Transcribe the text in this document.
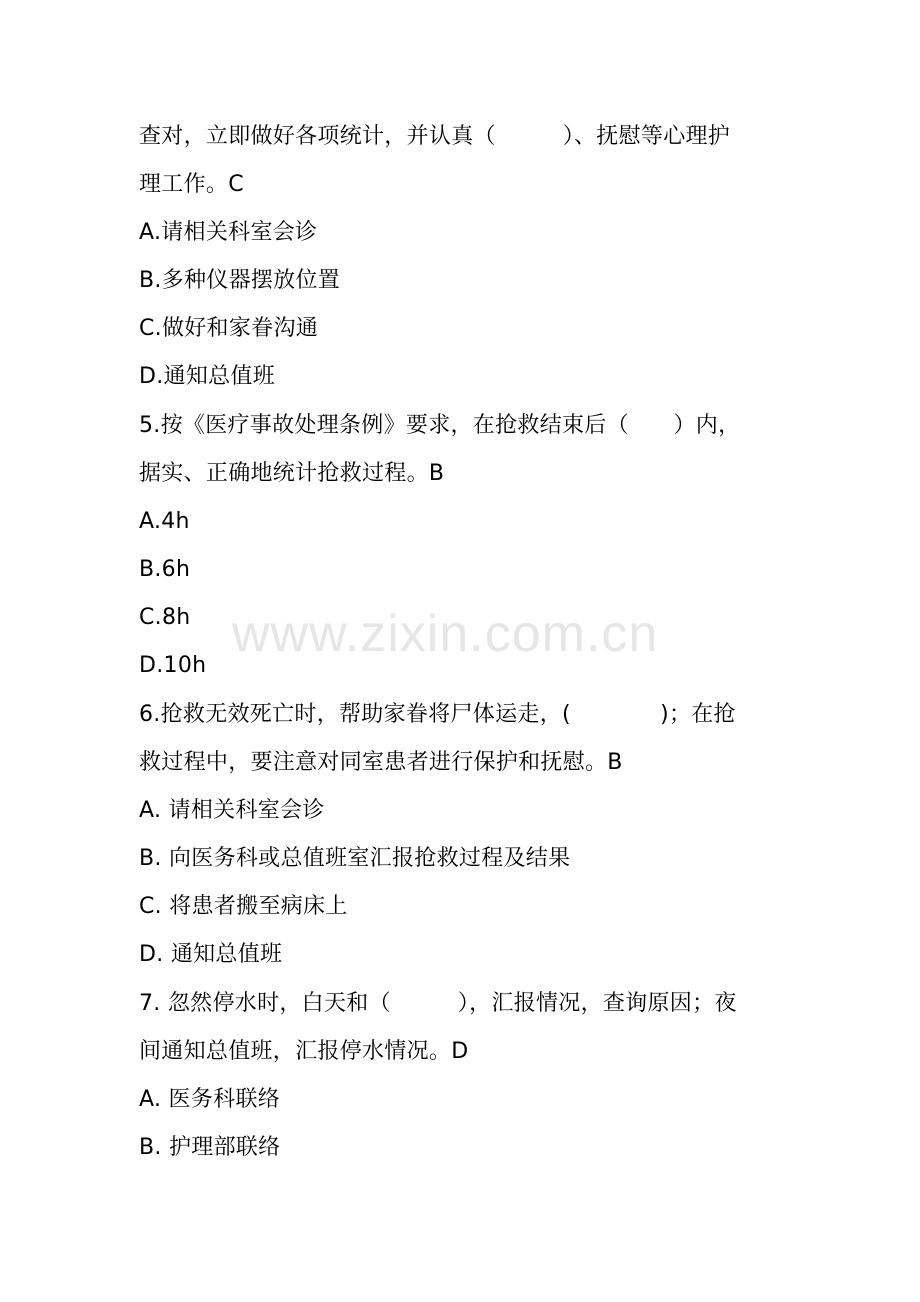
查对，立即做好各项统计，并认真（　　　）、抚慰等心理护
理工作。C
A.请相关科室会诊
B.多种仪器摆放位置
C.做好和家眷沟通
D.通知总值班
5.按《医疗事故处理条例》要求，在抢救结束后（　　）内，
据实、正确地统计抢救过程。B
A.4h
B.6h
C.8h
D.10h
6.抢救无效死亡时，帮助家眷将尸体运走，(　　　　)；在抢
救过程中，要注意对同室患者进行保护和抚慰。B
A. 请相关科室会诊
B. 向医务科或总值班室汇报抢救过程及结果
C. 将患者搬至病床上
D. 通知总值班
7. 忽然停水时，白天和（　　　），汇报情况，查询原因；夜
间通知总值班，汇报停水情况。D
A. 医务科联络
B. 护理部联络
www.zixin.com.cn
